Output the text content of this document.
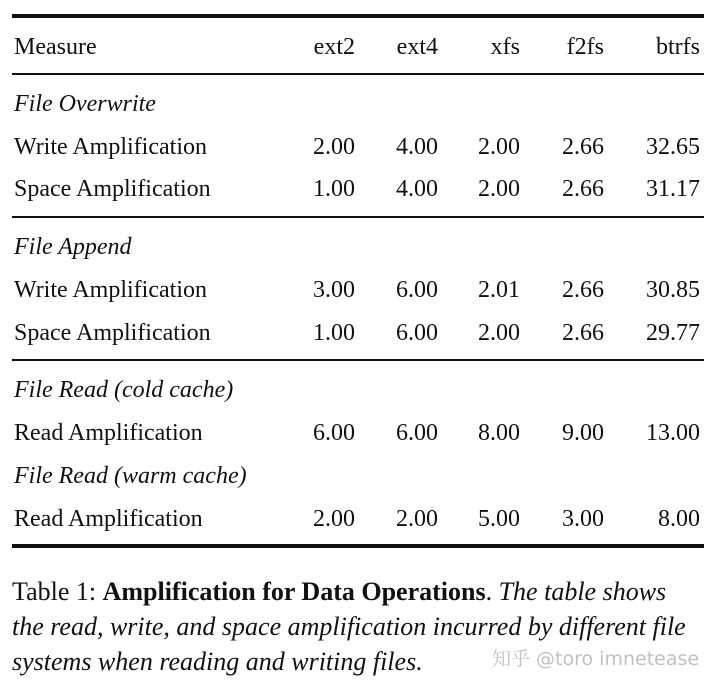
Measure	ext2 ext4 xfs f2fs btrfs
File Overwrite
Write Amplification	2.00 4.00 2.00 2.66 32.65
Space Amplification	1.00 4.00 2.00 2.66 31.17
File Append
Write Amplification	3.00 6.00 2.01 2.66 30.85
Space Amplification	1.00 6.00 2.00 2.66 29.77
File Read (cold cache)
Read Amplification	6.00 6.00 8.00 9.00 13.00
File Read (warm cache)
Read Amplification	2.00 2.00 5.00 3.00 8.00
Table 1: Amplification for Data Operations. The table shows the read, write, and space amplification incurred by different file systems when reading and writing files.	知乎 @toro imnetease
